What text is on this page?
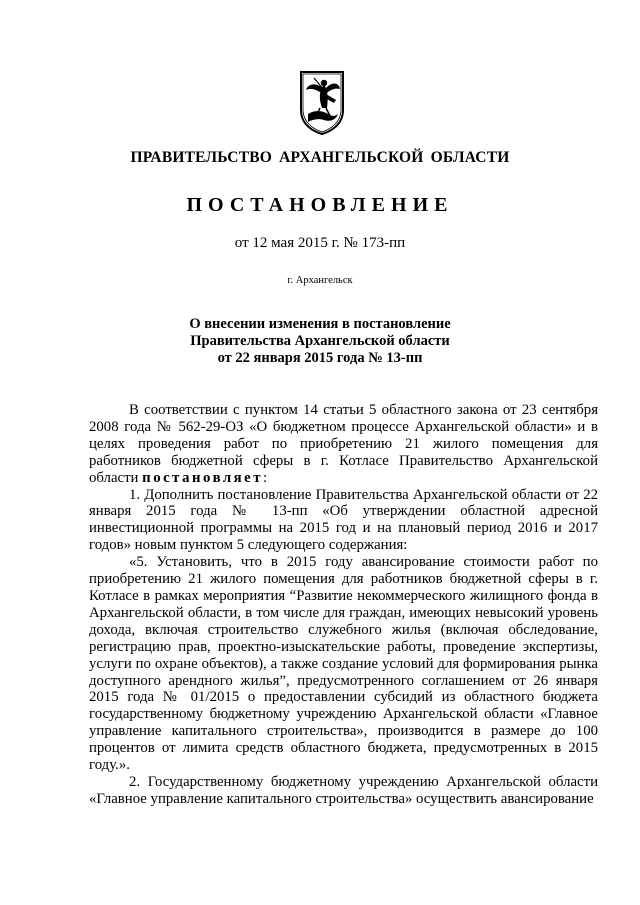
ПРАВИТЕЛЬСТВО АРХАНГЕЛЬСКОЙ ОБЛАСТИ
ПОСТАНОВЛЕНИЕ
от 12 мая 2015 г. № 173-пп
г. Архангельск
О внесении изменения в постановление
Правительства Архангельской области
от 22 января 2015 года № 13-пп

В соответствии с пунктом 14 статьи 5 областного закона от 23 сентября 2008 года № 562-29-ОЗ «О бюджетном процессе Архангельской области» и в целях проведения работ по приобретению 21 жилого помещения для работников бюджетной сферы в г. Котласе Правительство Архангельской области постановляет:

1. Дополнить постановление Правительства Архангельской области от 22 января 2015 года № 13-пп «Об утверждении областной адресной инвестиционной программы на 2015 год и на плановый период 2016 и 2017 годов» новым пунктом 5 следующего содержания:

«5. Установить, что в 2015 году авансирование стоимости работ по приобретению 21 жилого помещения для работников бюджетной сферы в г. Котласе в рамках мероприятия “Развитие некоммерческого жилищного фонда в Архангельской области, в том числе для граждан, имеющих невысокий уровень дохода, включая строительство служебного жилья (включая обследование, регистрацию прав, проектно-изыскательские работы, проведение экспертизы, услуги по охране объектов), а также создание условий для формирования рынка доступного арендного жилья”, предусмотренного соглашением от 26 января 2015 года № 01/2015 о предоставлении субсидий из областного бюджета государственному бюджетному учреждению Архангельской области «Главное управление капитального строительства», производится в размере до 100 процентов от лимита средств областного бюджета, предусмотренных в 2015 году.».

2. Государственному бюджетному учреждению Архангельской области «Главное управление капитального строительства» осуществить авансирование
